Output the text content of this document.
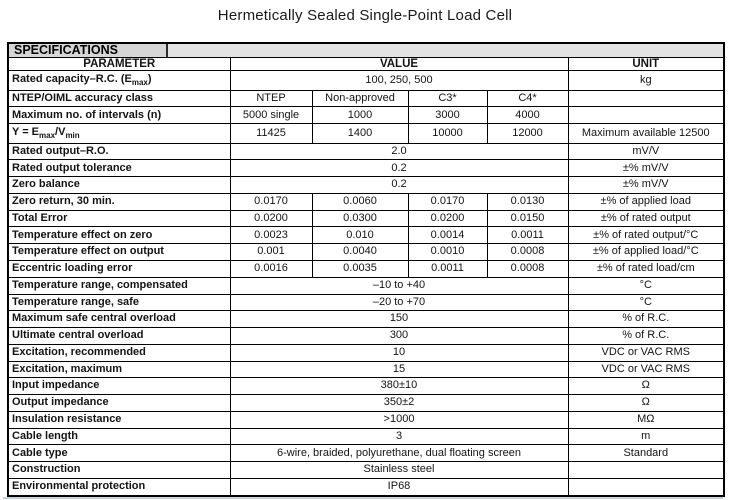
Hermetically Sealed Single-Point Load Cell
SPECIFICATIONS					

PARAMETER	VALUE				UNIT
Rated capacity–R.C. $(E_{max})$	100, 250, 500				kg
NTEP/OIML accuracy class	NTEP	Non-approved	C3*	C4*	
Maximum no. of intervals (n)	5000 single	1000	3000	4000	
$Y = E_{max}/V_{min}$	11425	1400	10000	12000	Maximum available 12500
Rated output–R.O.	2.0				mV/V
Rated output tolerance	0.2				±% mV/V
Zero balance	0.2				±% mV/V
Zero return, 30 min.	0.0170	0.0060	0.0170	0.0130	±% of applied load
Total Error	0.0200	0.0300	0.0200	0.0150	±% of rated output
Temperature effect on zero	0.0023	0.010	0.0014	0.0011	±% of rated output/°C
Temperature effect on output	0.001	0.0040	0.0010	0.0008	±% of applied load/°C
Eccentric loading error	0.0016	0.0035	0.0011	0.0008	±% of rated load/cm
Temperature range, compensated	–10 to +40				°C
Temperature range, safe	–20 to +70				°C
Maximum safe central overload	150				% of R.C.
Ultimate central overload	300				% of R.C.
Excitation, recommended	10				VDC or VAC RMS
Excitation, maximum	15				VDC or VAC RMS
Input impedance	380±10				Ω
Output impedance	350±2				Ω
Insulation resistance	>1000				MΩ
Cable length	3				m
Cable type	6-wire, braided, polyurethane, dual floating screen				Standard
Construction	Stainless steel				
Environmental protection	IP68				
